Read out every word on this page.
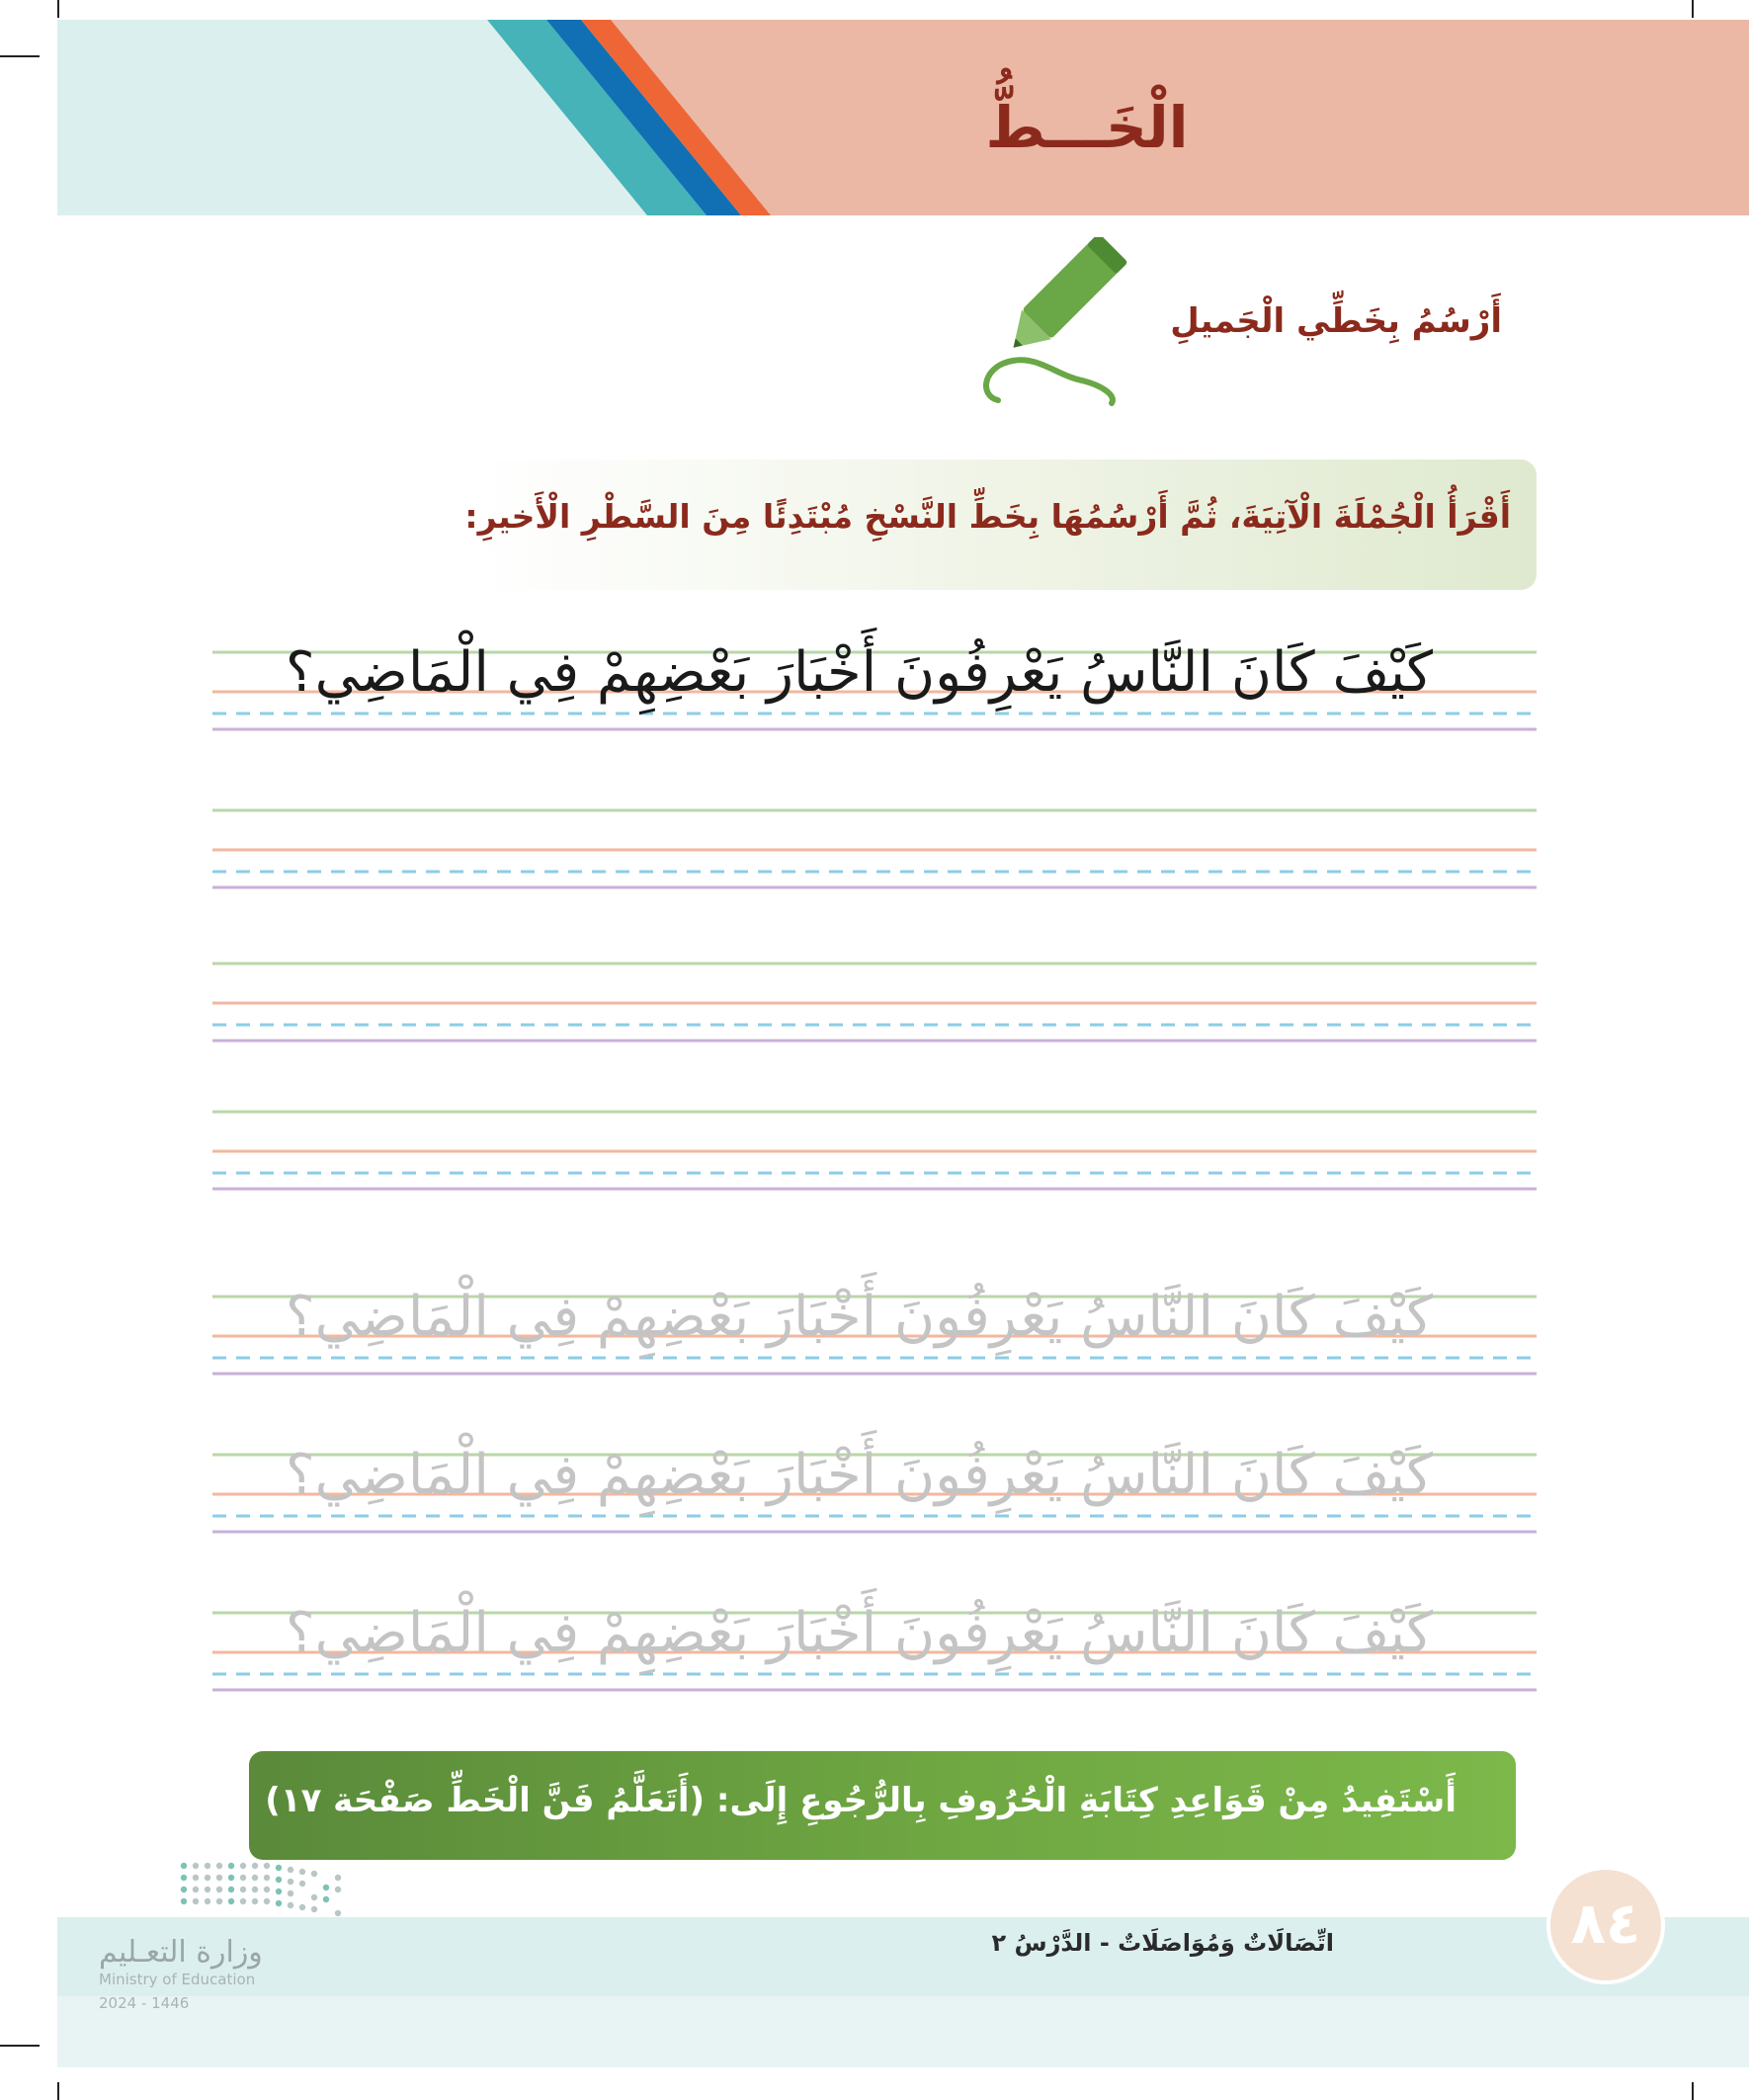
الْخَـــطُّ
أَرْسُمُ بِخَطِّي الْجَميلِ
أَقْرَأُ الْجُمْلَةَ الْآتِيَةَ، ثُمَّ أَرْسُمُهَا بِخَطِّ النَّسْخِ مُبْتَدِئًا مِنَ السَّطْرِ الْأَخيرِ:
كَيْفَ كَانَ النَّاسُ يَعْرِفُونَ أَخْبَارَ بَعْضِهِمْ فِي الْمَاضِي؟
كَيْفَ كَانَ النَّاسُ يَعْرِفُونَ أَخْبَارَ بَعْضِهِمْ فِي الْمَاضِي؟
كَيْفَ كَانَ النَّاسُ يَعْرِفُونَ أَخْبَارَ بَعْضِهِمْ فِي الْمَاضِي؟
كَيْفَ كَانَ النَّاسُ يَعْرِفُونَ أَخْبَارَ بَعْضِهِمْ فِي الْمَاضِي؟
أَسْتَفِيدُ مِنْ قَوَاعِدِ كِتَابَةِ الْحُرُوفِ بِالرُّجُوعِ إِلَى: (أَتَعَلَّمُ فَنَّ الْخَطِّ صَفْحَة ١٧)
٨٤
اتِّصَالَاتٌ وَمُوَاصَلَاتٌ - الدَّرْسُ ٢
وزارة التعـليم
Ministry of Education
2024 - 1446
